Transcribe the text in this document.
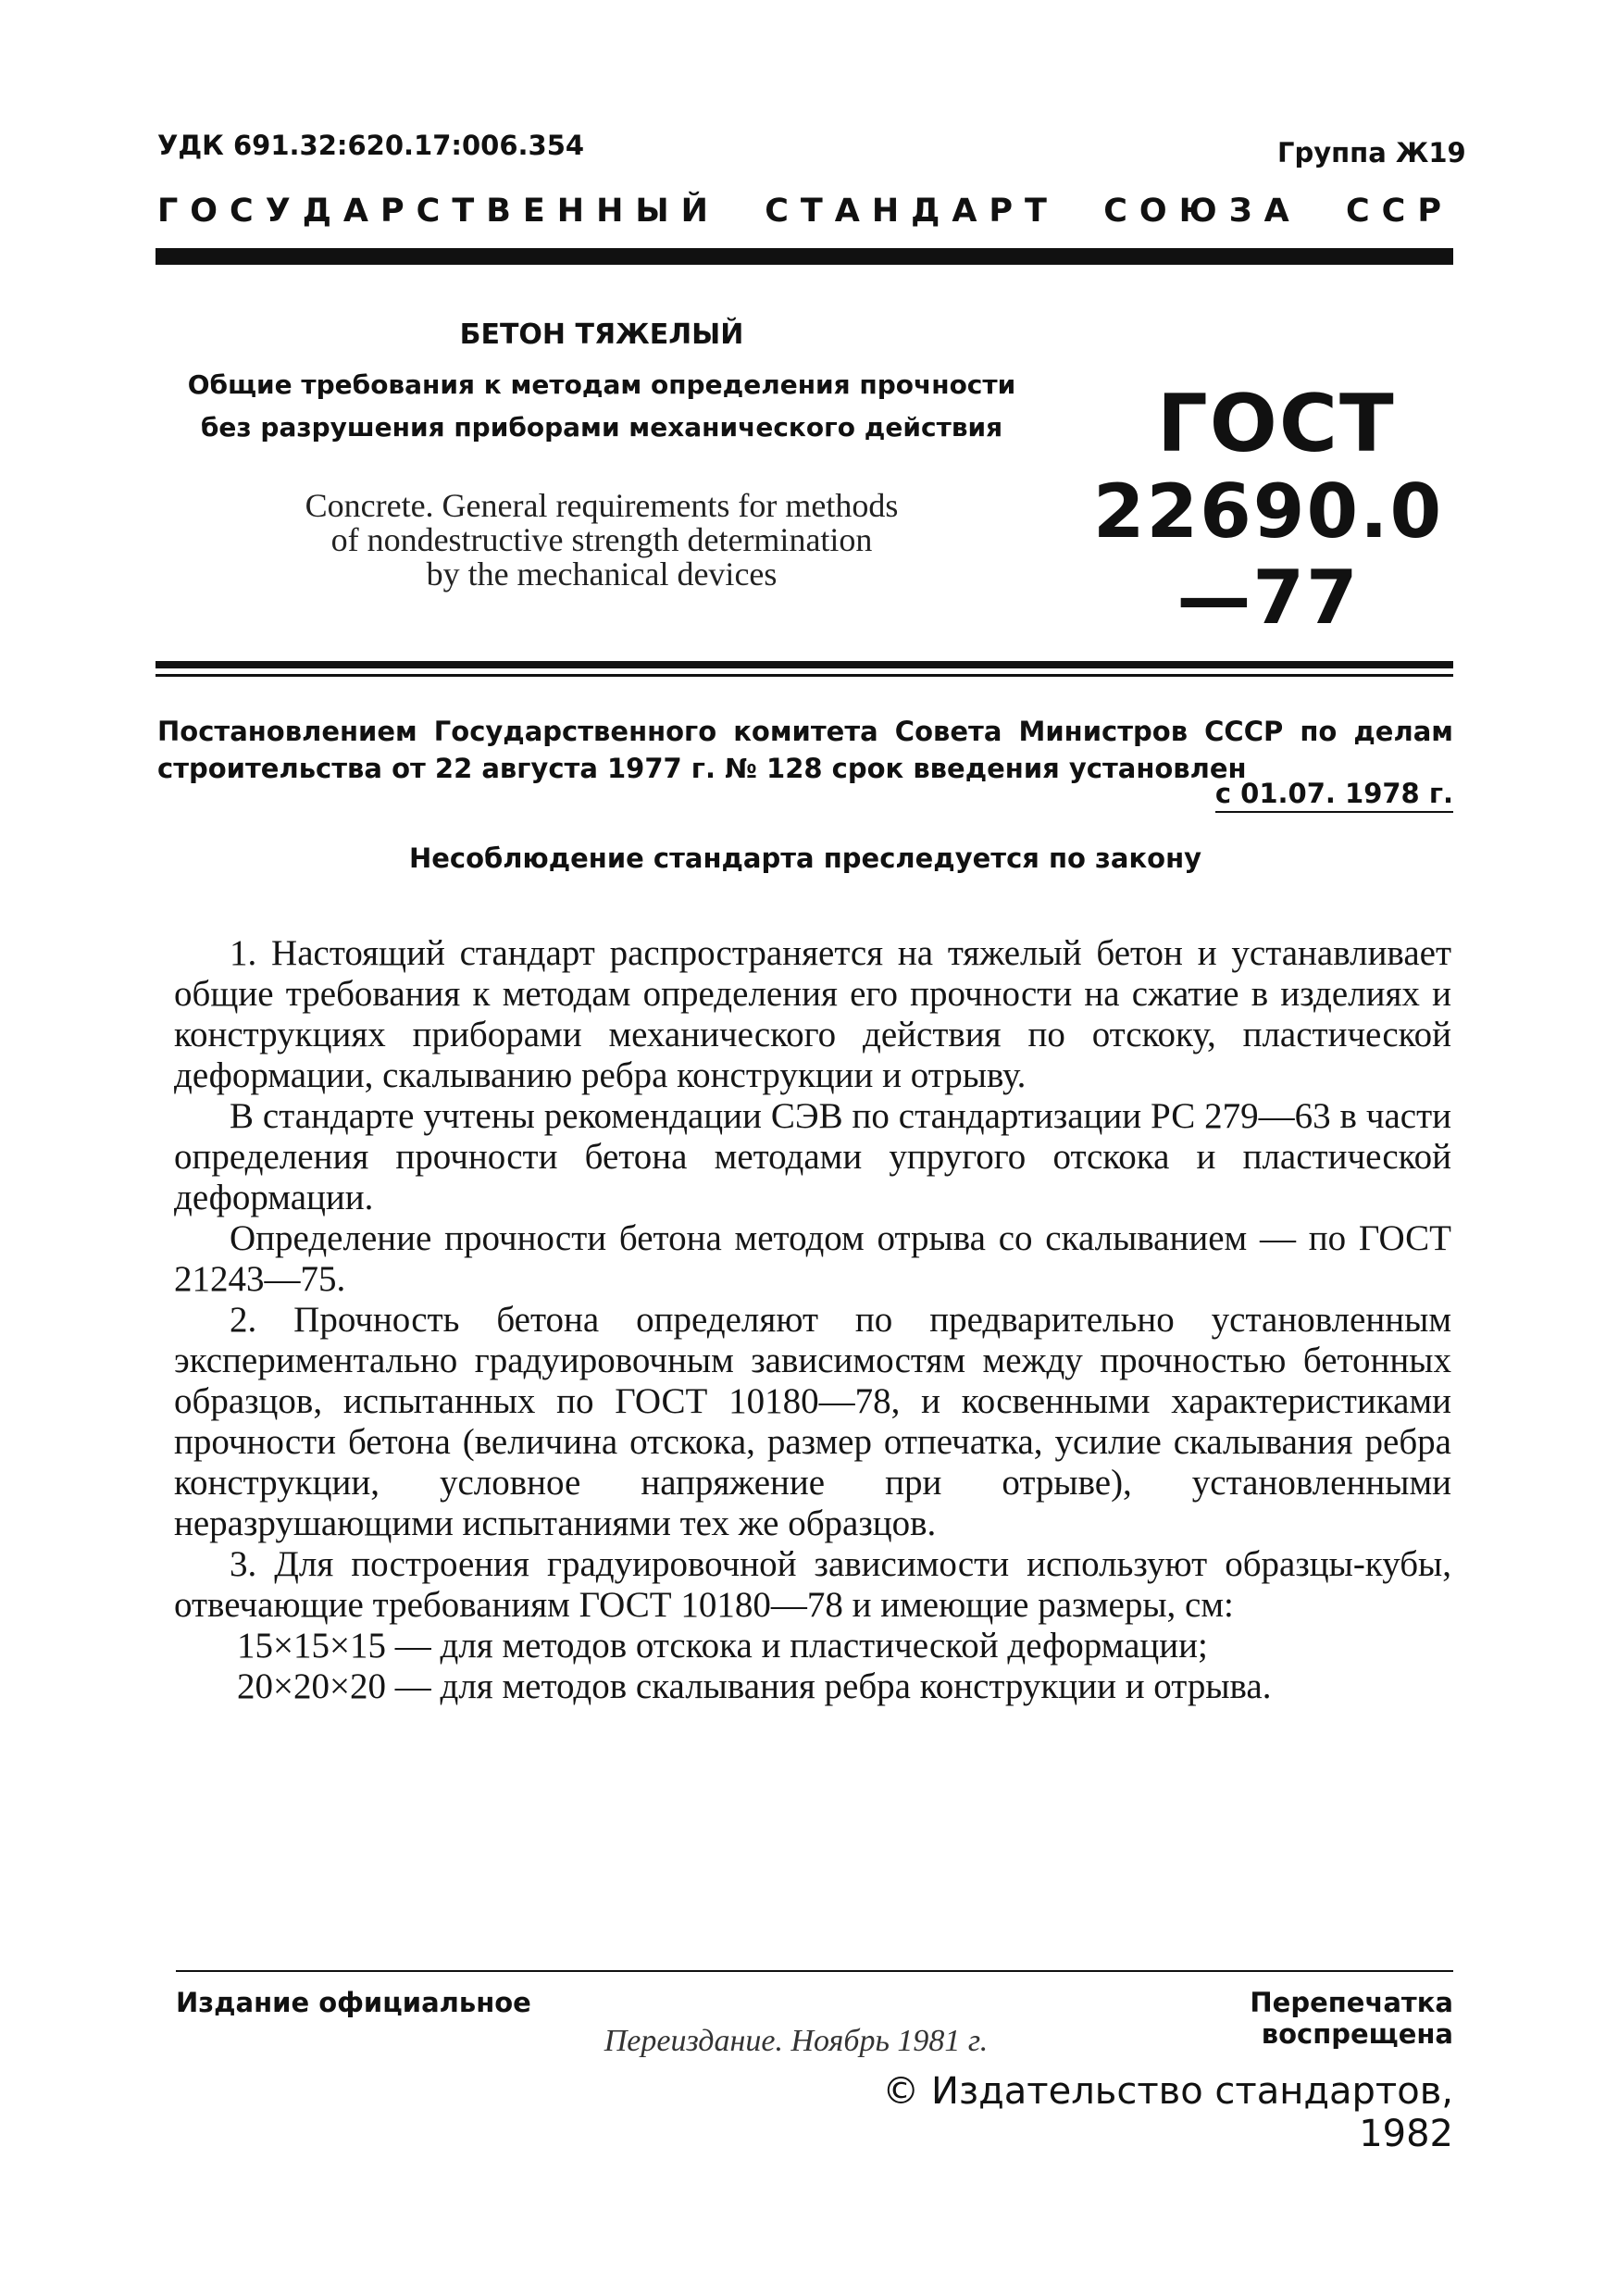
УДК 691.32:620.17:006.354	Группа Ж19
ГОСУДАРСТВЕННЫЙ СТАНДАРТ СОЮЗА ССР
БЕТОН ТЯЖЕЛЫЙ
Общие требования к методам определения прочности
без разрушения приборами механического действия
Concrete. General requirements for methods
of nondestructive strength determination
by the mechanical devices
ГОСТ
22690.0—77
Постановлением Государственного комитета Совета Министров СССР по делам строительства от 22 августа 1977 г. № 128 срок введения установлен
с 01.07. 1978 г.
Несоблюдение стандарта преследуется по закону

1. Настоящий стандарт распространяется на тяжелый бетон и устанавливает общие требования к методам определения его прочности на сжатие в изделиях и конструкциях приборами механического действия по отскоку, пластической деформации, скалыванию ребра конструкции и отрыву.

В стандарте учтены рекомендации СЭВ по стандартизации РС 279—63 в части определения прочности бетона методами упругого отскока и пластической деформации.

Определение прочности бетона методом отрыва со скалыванием — по ГОСТ 21243—75.

2. Прочность бетона определяют по предварительно установленным экспериментально градуировочным зависимостям между прочностью бетонных образцов, испытанных по ГОСТ 10180—78, и косвенными характеристиками прочности бетона (величина отскока, размер отпечатка, усилие скалывания ребра конструкции, условное напряжение при отрыве), установленными неразрушающими испытаниями тех же образцов.

3. Для построения градуировочной зависимости используют образцы-кубы, отвечающие требованиям ГОСТ 10180—78 и имеющие размеры, см:

15×15×15 — для методов отскока и пластической деформации;

20×20×20 — для методов скалывания ребра конструкции и отрыва.

Издание официальное	Перепечатка воспрещена
Переиздание. Ноябрь 1981 г.
© Издательство стандартов, 1982
